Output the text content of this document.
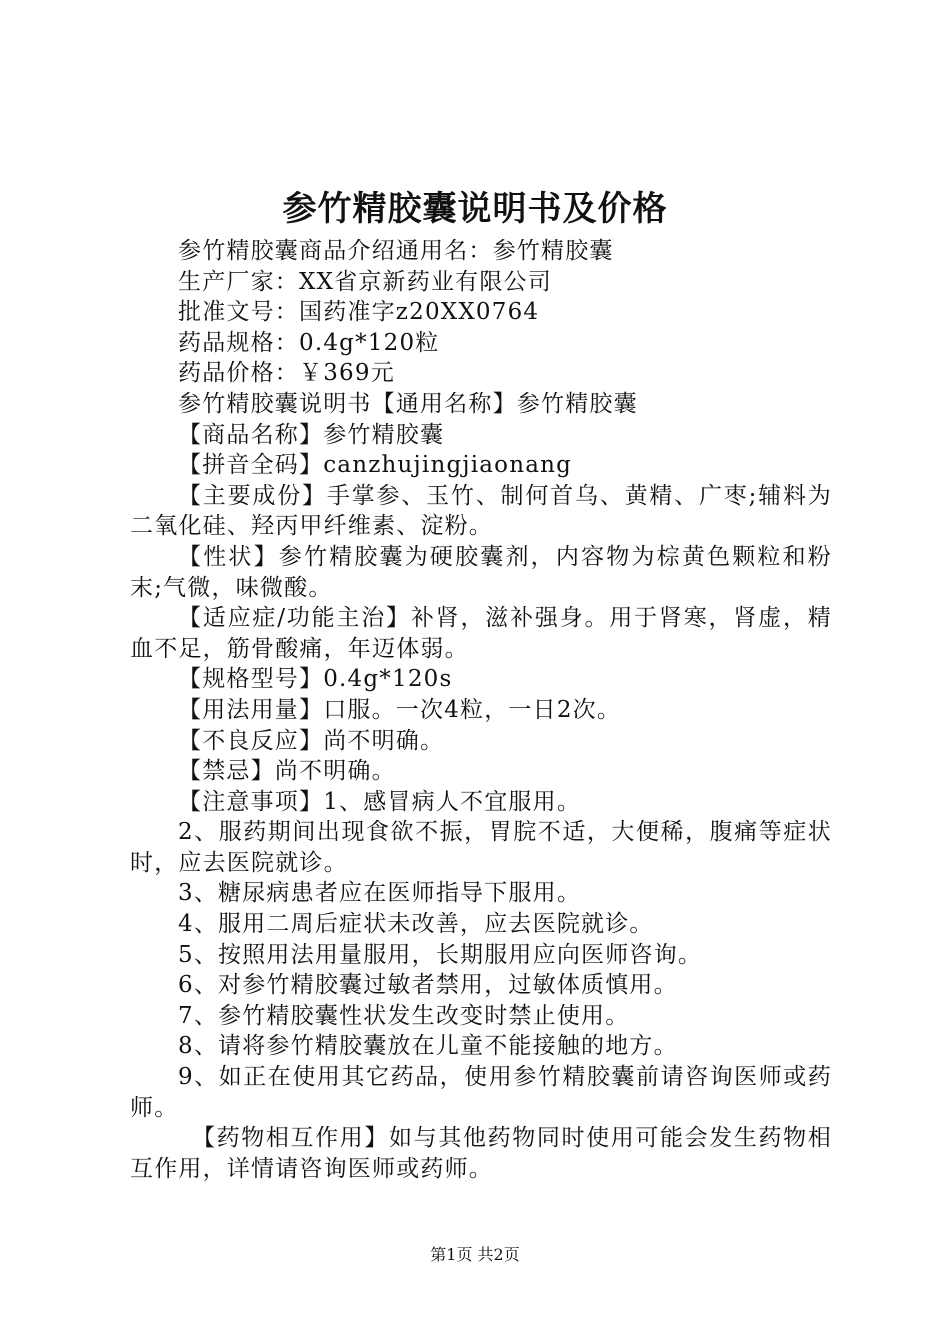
参竹精胶囊说明书及价格

参竹精胶囊商品介绍通用名：参竹精胶囊

生产厂家：XX省京新药业有限公司

批准文号：国药准字z20XX0764

药品规格：0.4g*120粒

药品价格：￥369元

参竹精胶囊说明书【通用名称】参竹精胶囊

【商品名称】参竹精胶囊

【拼音全码】canzhujingjiaonang

【主要成份】手掌参、玉竹、制何首乌、黄精、广枣;辅料为二氧化硅、羟丙甲纤维素、淀粉。

【性状】参竹精胶囊为硬胶囊剂，内容物为棕黄色颗粒和粉末;气微，味微酸。

【适应症/功能主治】补肾，滋补强身。用于肾寒，肾虚，精血不足，筋骨酸痛，年迈体弱。

【规格型号】0.4g*120s

【用法用量】口服。一次4粒，一日2次。

【不良反应】尚不明确。

【禁忌】尚不明确。

【注意事项】1、感冒病人不宜服用。

2、服药期间出现食欲不振，胃脘不适，大便稀，腹痛等症状时，应去医院就诊。

3、糖尿病患者应在医师指导下服用。

4、服用二周后症状未改善，应去医院就诊。

5、按照用法用量服用，长期服用应向医师咨询。

6、对参竹精胶囊过敏者禁用，过敏体质慎用。

7、参竹精胶囊性状发生改变时禁止使用。

8、请将参竹精胶囊放在儿童不能接触的地方。

9、如正在使用其它药品，使用参竹精胶囊前请咨询医师或药师。

【药物相互作用】如与其他药物同时使用可能会发生药物相互作用，详情请咨询医师或药师。

第1页 共2页
